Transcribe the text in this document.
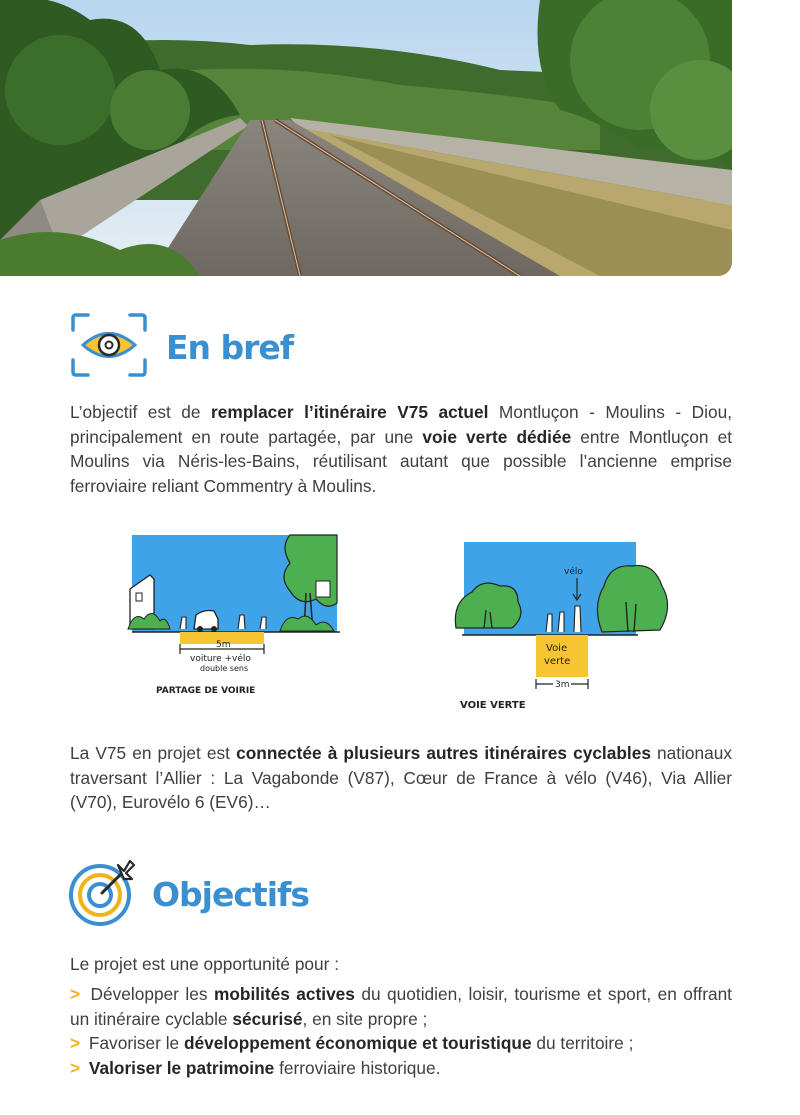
En bref

L’objectif est de remplacer l’itinéraire V75 actuel Montluçon - Moulins - Diou, principalement en route partagée, par une voie verte dédiée entre Montluçon et Moulins via Néris-les-Bains, réutilisant autant que possible l’ancienne emprise ferroviaire reliant Commentry à Moulins.

5m
voiture +vélo
double sens
PARTAGE DE VOIRIE
vélo
Voie
verte
3m
VOIE VERTE

La V75 en projet est connectée à plusieurs autres itinéraires cyclables nationaux traversant l’Allier : La Vagabonde (V87), Cœur de France à vélo (V46), Via Allier (V70), Eurovélo 6 (EV6)…

Objectifs

Le projet est une opportunité pour :

> Développer les mobilités actives du quotidien, loisir, tourisme et sport, en offrant un itinéraire cyclable sécurisé, en site propre ;
> Favoriser le développement économique et touristique du territoire ;
> Valoriser le patrimoine ferroviaire historique.
